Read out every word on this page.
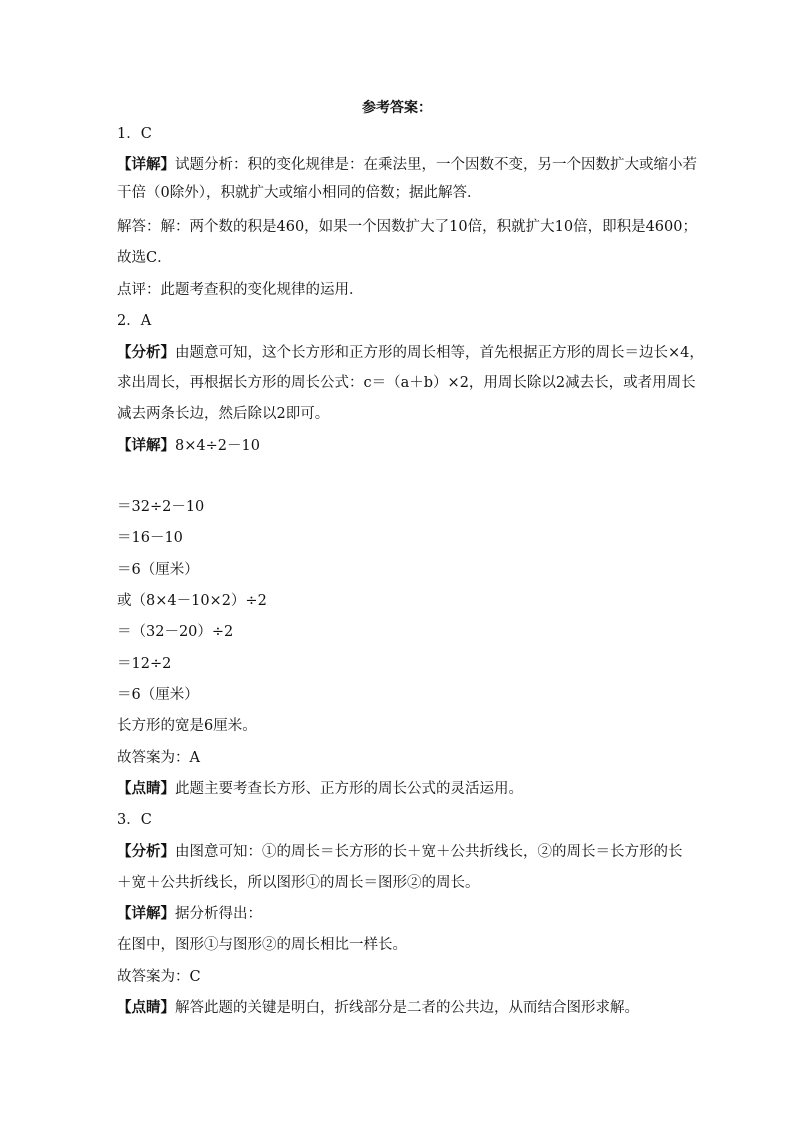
参考答案：
1．C
【详解】试题分析：积的变化规律是：在乘法里，一个因数不变，另一个因数扩大或缩小若
干倍（0除外），积就扩大或缩小相同的倍数；据此解答．
解答：解：两个数的积是460，如果一个因数扩大了10倍，积就扩大10倍，即积是4600；
故选C．
点评：此题考查积的变化规律的运用．
2．A
【分析】由题意可知，这个长方形和正方形的周长相等，首先根据正方形的周长＝边长×4，
求出周长，再根据长方形的周长公式：c＝（a＋b）×2，用周长除以2减去长，或者用周长
减去两条长边，然后除以2即可。
【详解】8×4÷2－10
＝32÷2－10
＝16－10
＝6（厘米）
或（8×4－10×2）÷2
＝（32－20）÷2
＝12÷2
＝6（厘米）
长方形的宽是6厘米。
故答案为：A
【点睛】此题主要考查长方形、正方形的周长公式的灵活运用。
3．C
【分析】由图意可知：①的周长＝长方形的长＋宽＋公共折线长，②的周长＝长方形的长
＋宽＋公共折线长，所以图形①的周长＝图形②的周长。
【详解】据分析得出：
在图中，图形①与图形②的周长相比一样长。
故答案为：C
【点睛】解答此题的关键是明白，折线部分是二者的公共边，从而结合图形求解。
